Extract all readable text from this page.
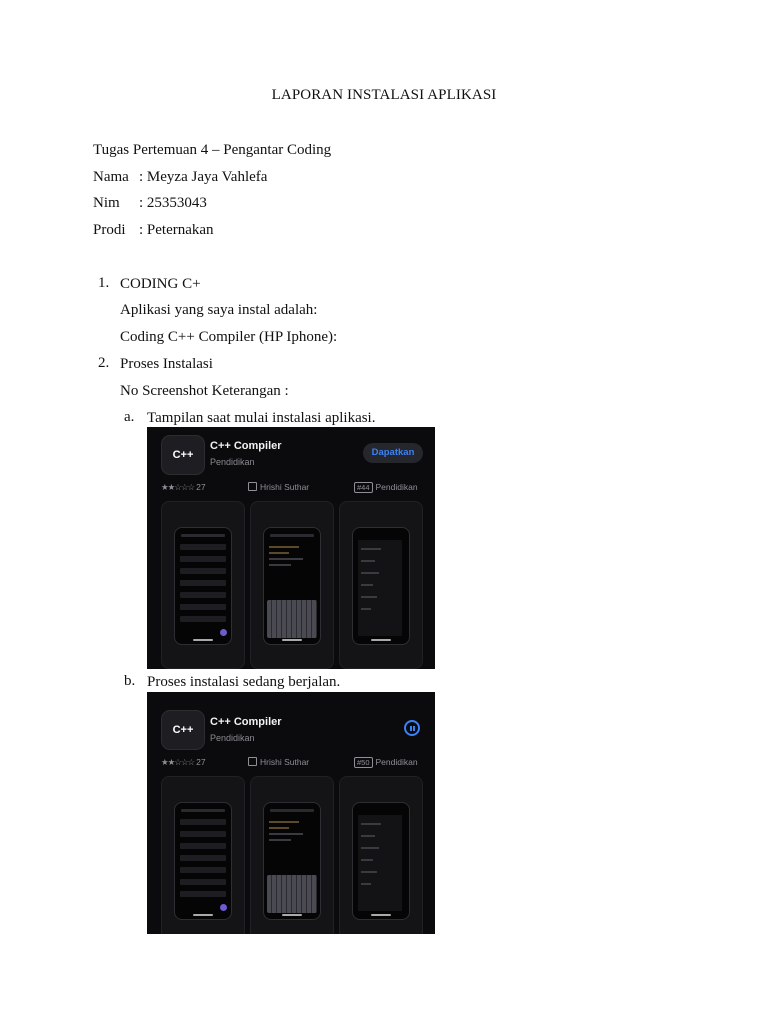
LAPORAN INSTALASI APLIKASI
Tugas Pertemuan 4 – Pengantar Coding
Nama : Meyza Jaya Vahlefa
Nim : 25353043
Prodi : Peternakan
1. CODING C+
Aplikasi yang saya instal adalah:
Coding C++ Compiler (HP Iphone):
2. Proses Instalasi
No Screenshot Keterangan :
a. Tampilan saat mulai instalasi aplikasi.
C++
C++ Compiler
Pendidikan
Dapatkan
★★☆☆☆ 27	Hrishi Suthar	#44 Pendidikan
b. Proses instalasi sedang berjalan.
C++
C++ Compiler
Pendidikan
★★☆☆☆ 27	Hrishi Suthar	#50 Pendidikan
